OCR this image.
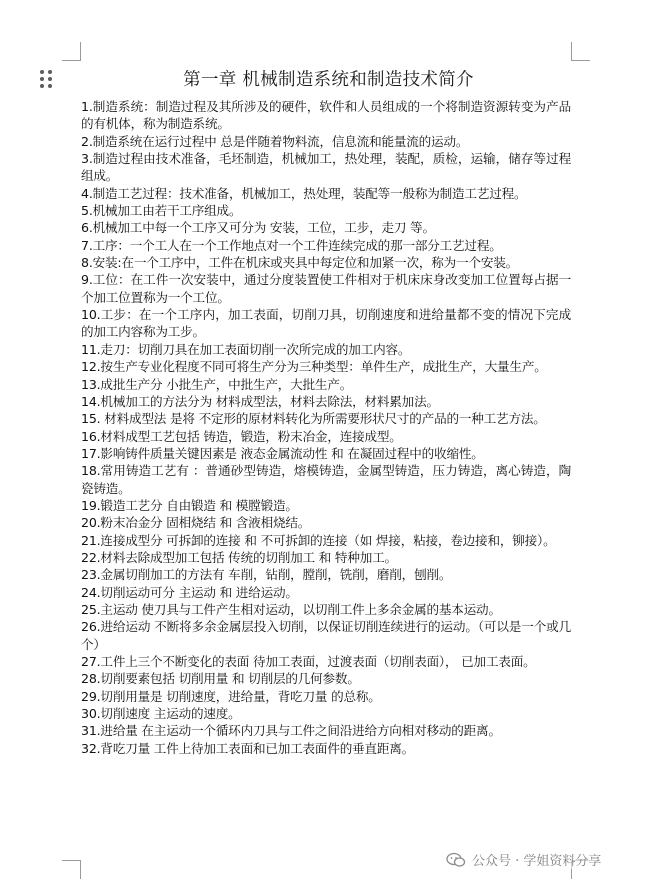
第一章 机械制造系统和制造技术简介
1.制造系统：制造过程及其所涉及的硬件，软件和人员组成的一个将制造资源转变为产品的有机体，称为制造系统。
2.制造系统在运行过程中 总是伴随着物料流，信息流和能量流的运动。
3.制造过程由技术准备，毛坯制造，机械加工，热处理，装配，质检，运输，储存等过程组成。
4.制造工艺过程：技术准备，机械加工，热处理，装配等一般称为制造工艺过程。
5.机械加工由若干工序组成。
6.机械加工中每一个工序又可分为 安装，工位，工步，走刀 等。
7.工序：一个工人在一个工作地点对一个工件连续完成的那一部分工艺过程。
8.安装:在一个工序中，工件在机床或夹具中每定位和加紧一次，称为一个安装。
9.工位：在工件一次安装中，通过分度装置使工件相对于机床床身改变加工位置每占据一个加工位置称为一个工位。
10.工步：在一个工序内，加工表面，切削刀具，切削速度和进给量都不变的情况下完成的加工内容称为工步。
11.走刀：切削刀具在加工表面切削一次所完成的加工内容。
12.按生产专业化程度不同可将生产分为三种类型：单件生产，成批生产，大量生产。
13.成批生产分 小批生产，中批生产，大批生产。
14.机械加工的方法分为 材料成型法，材料去除法，材料累加法。
15. 材料成型法 是将 不定形的原材料转化为所需要形状尺寸的产品的一种工艺方法。
16.材料成型工艺包括 铸造，锻造，粉末冶金，连接成型。
17.影响铸件质量关键因素是 液态金属流动性 和 在凝固过程中的收缩性。
18.常用铸造工艺有 ：普通砂型铸造，熔模铸造，金属型铸造，压力铸造，离心铸造，陶瓷铸造。
19.锻造工艺分 自由锻造 和 模膛锻造。
20.粉末冶金分 固相烧结 和 含液相烧结。
21.连接成型分 可拆卸的连接 和 不可拆卸的连接（如 焊接，粘接，卷边接和，铆接）。
22.材料去除成型加工包括 传统的切削加工 和 特种加工。
23.金属切削加工的方法有 车削，钻削，膛削，铣削，磨削，刨削。
24.切削运动可分 主运动 和 进给运动。
25.主运动 使刀具与工件产生相对运动，以切削工件上多余金属的基本运动。
26.进给运动 不断将多余金属层投入切削，以保证切削连续进行的运动。（可以是一个或几个）
27.工件上三个不断变化的表面 待加工表面，过渡表面（切削表面）， 已加工表面。
28.切削要素包括 切削用量 和 切削层的几何参数。
29.切削用量是 切削速度，进给量，背吃刀量 的总称。
30.切削速度 主运动的速度。
31.进给量 在主运动一个循环内刀具与工件之间沿进给方向相对移动的距离。
32.背吃刀量 工件上待加工表面和已加工表面件的垂直距离。
公众号 · 学姐资料分享
